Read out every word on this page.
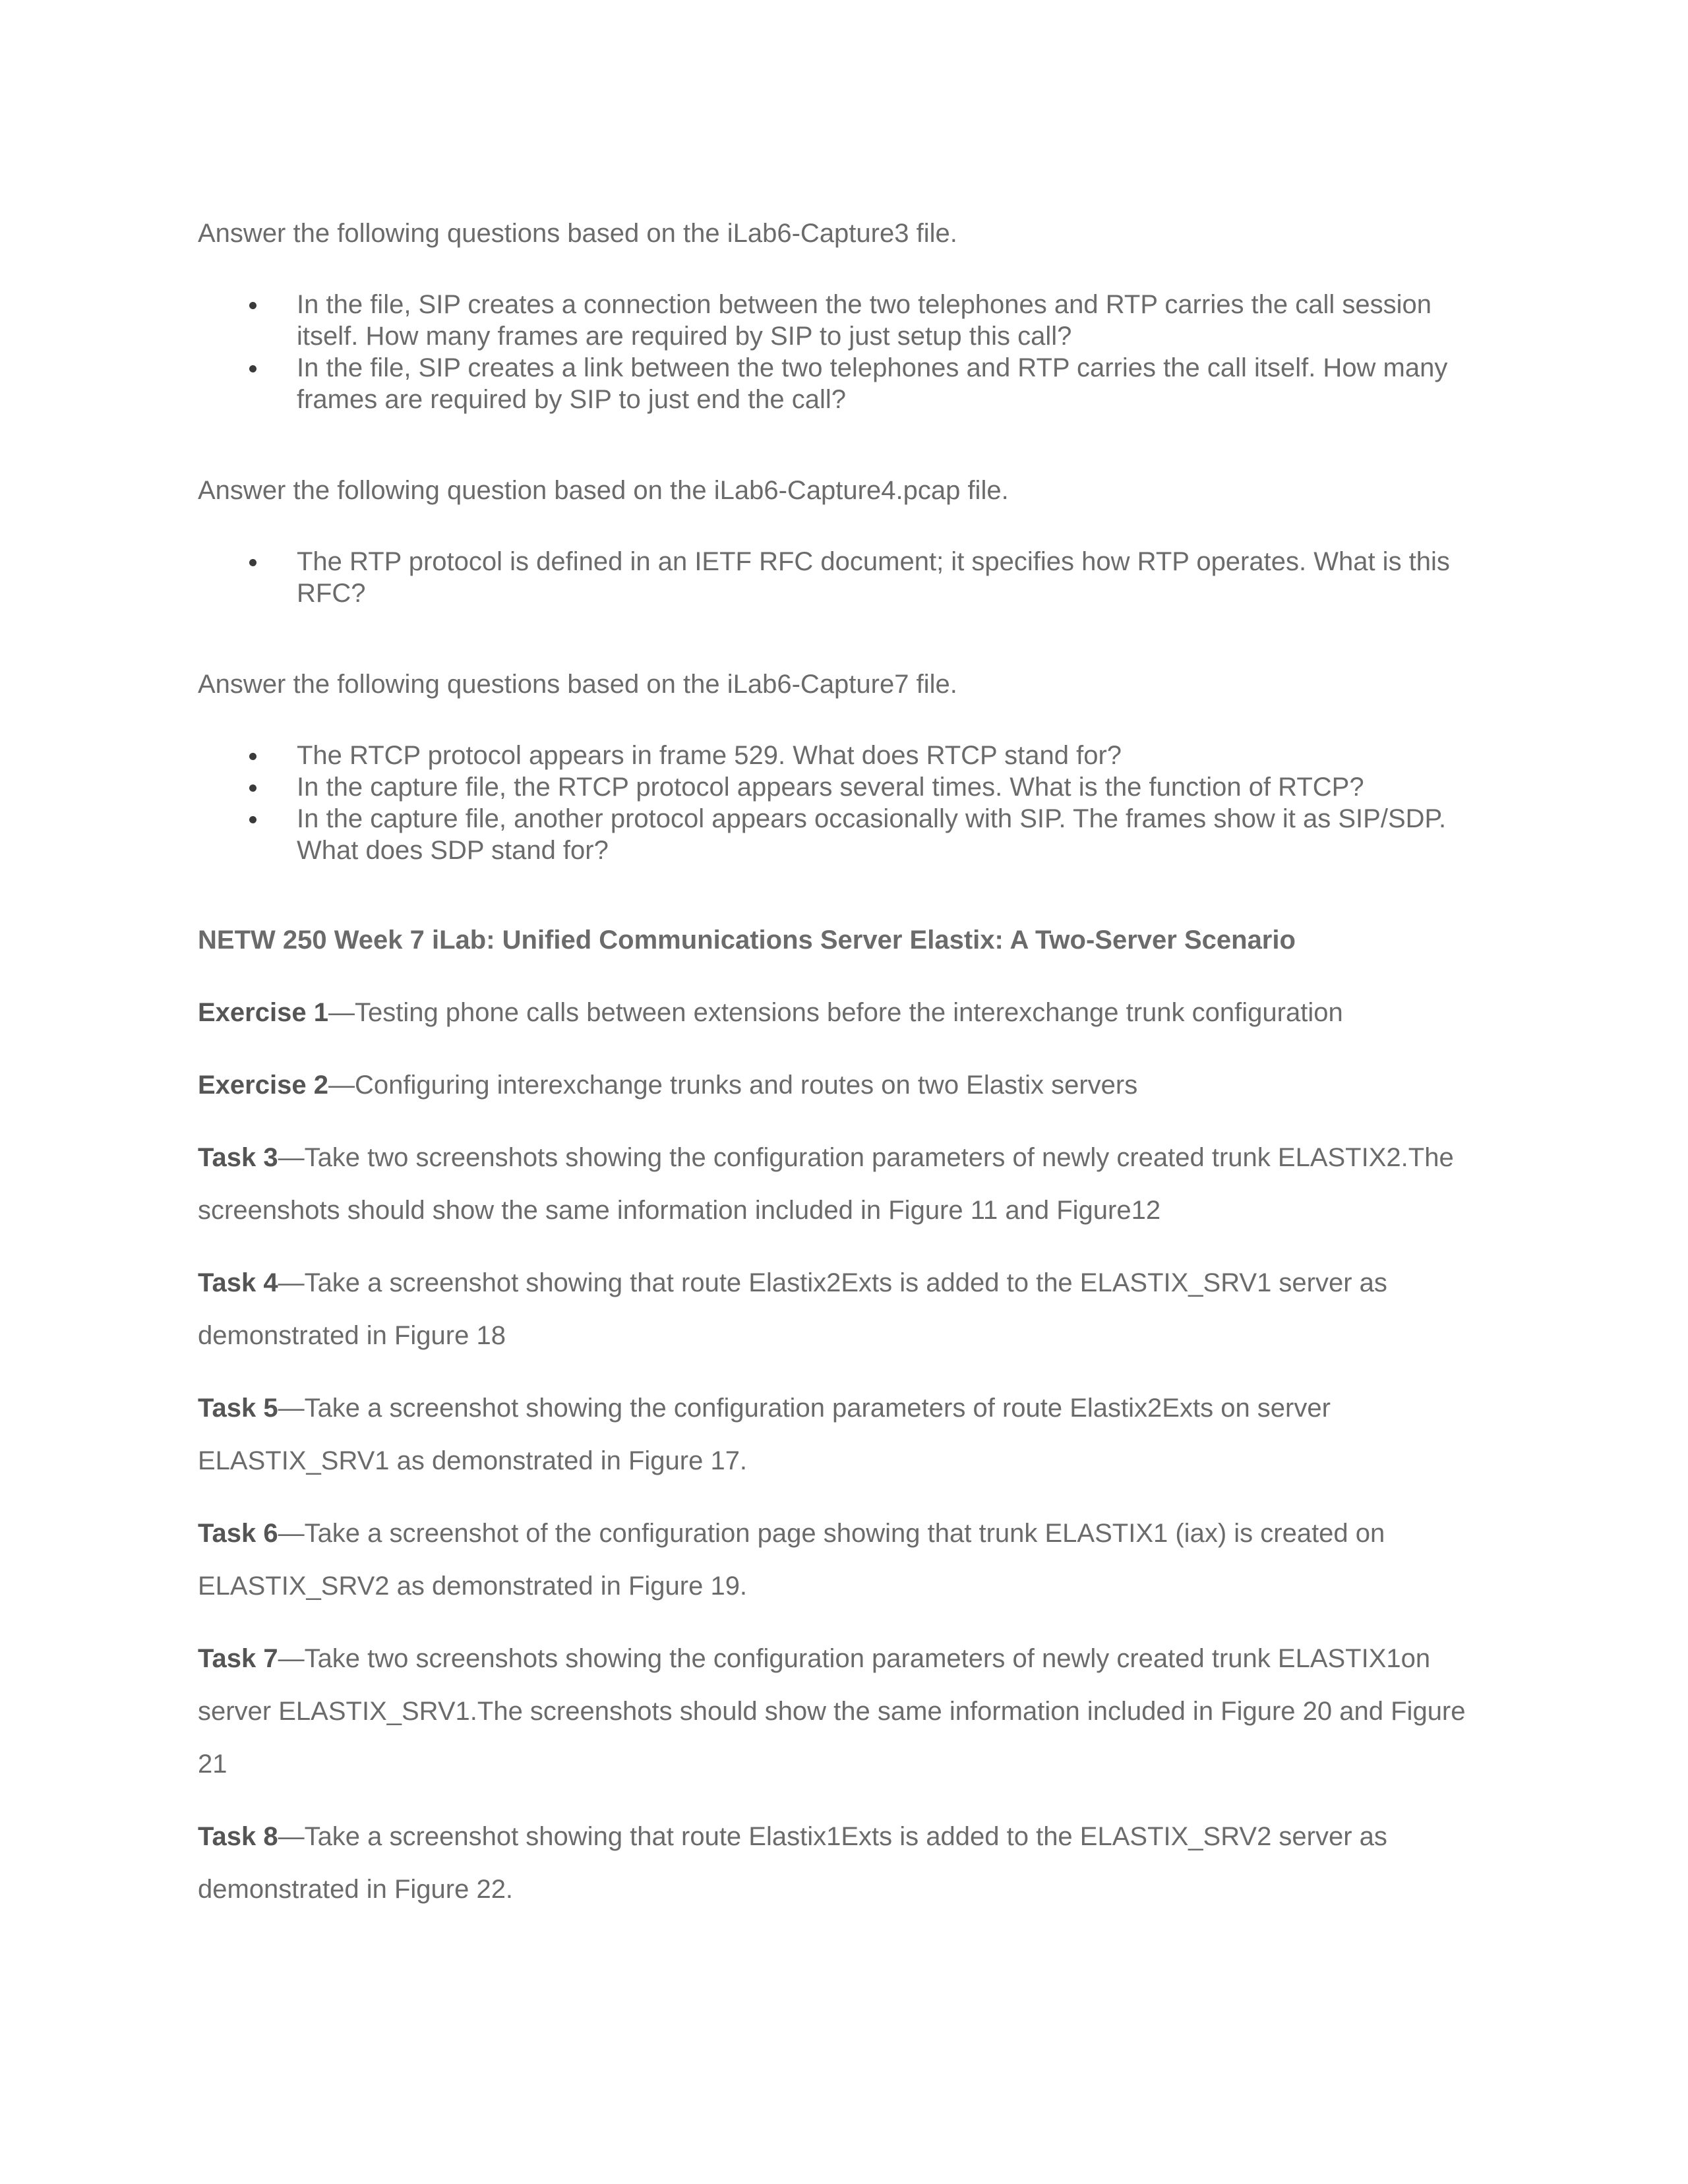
Answer the following questions based on the iLab6-Capture3 file.

In the file, SIP creates a connection between the two telephones and RTP carries the call session itself. How many frames are required by SIP to just setup this call?
In the file, SIP creates a link between the two telephones and RTP carries the call itself. How many frames are required by SIP to just end the call?

Answer the following question based on the iLab6-Capture4.pcap file.

The RTP protocol is defined in an IETF RFC document; it specifies how RTP operates. What is this RFC?

Answer the following questions based on the iLab6-Capture7 file.

The RTCP protocol appears in frame 529. What does RTCP stand for?
In the capture file, the RTCP protocol appears several times. What is the function of RTCP?
In the capture file, another protocol appears occasionally with SIP. The frames show it as SIP/SDP. What does SDP stand for?

NETW 250 Week 7 iLab: Unified Communications Server Elastix: A Two-Server Scenario

Exercise 1—Testing phone calls between extensions before the interexchange trunk configuration

Exercise 2—Configuring interexchange trunks and routes on two Elastix servers

Task 3—Take two screenshots showing the configuration parameters of newly created trunk ELASTIX2.The screenshots should show the same information included in Figure 11 and Figure12

Task 4—Take a screenshot showing that route Elastix2Exts is added to the ELASTIX_SRV1 server as demonstrated in Figure 18

Task 5—Take a screenshot showing the configuration parameters of route Elastix2Exts on server ELASTIX_SRV1 as demonstrated in Figure 17.

Task 6—Take a screenshot of the configuration page showing that trunk ELASTIX1 (iax) is created on ELASTIX_SRV2 as demonstrated in Figure 19.

Task 7—Take two screenshots showing the configuration parameters of newly created trunk ELASTIX1on server ELASTIX_SRV1.The screenshots should show the same information included in Figure 20 and Figure 21

Task 8—Take a screenshot showing that route Elastix1Exts is added to the ELASTIX_SRV2 server as demonstrated in Figure 22.
